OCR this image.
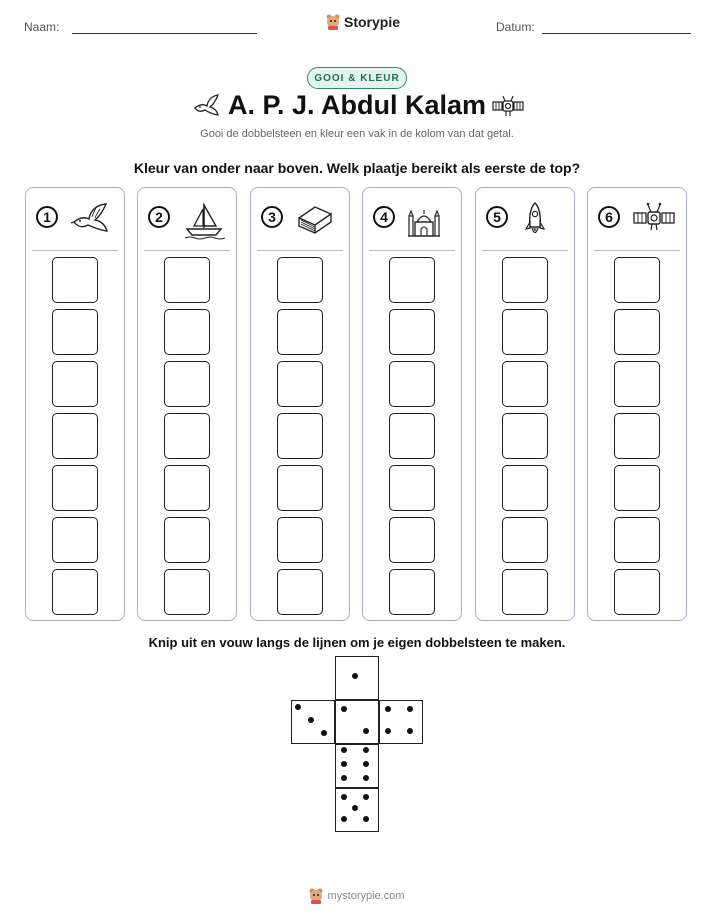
Naam:	Storypie	Datum:
GOOI & KLEUR
A. P. J. Abdul Kalam
Gooi de dobbelsteen en kleur een vak in de kolom van dat getal.
Kleur van onder naar boven. Welk plaatje bereikt als eerste de top?
1	2	3	4	5	6
Knip uit en vouw langs de lijnen om je eigen dobbelsteen te maken.
mystorypie.com
